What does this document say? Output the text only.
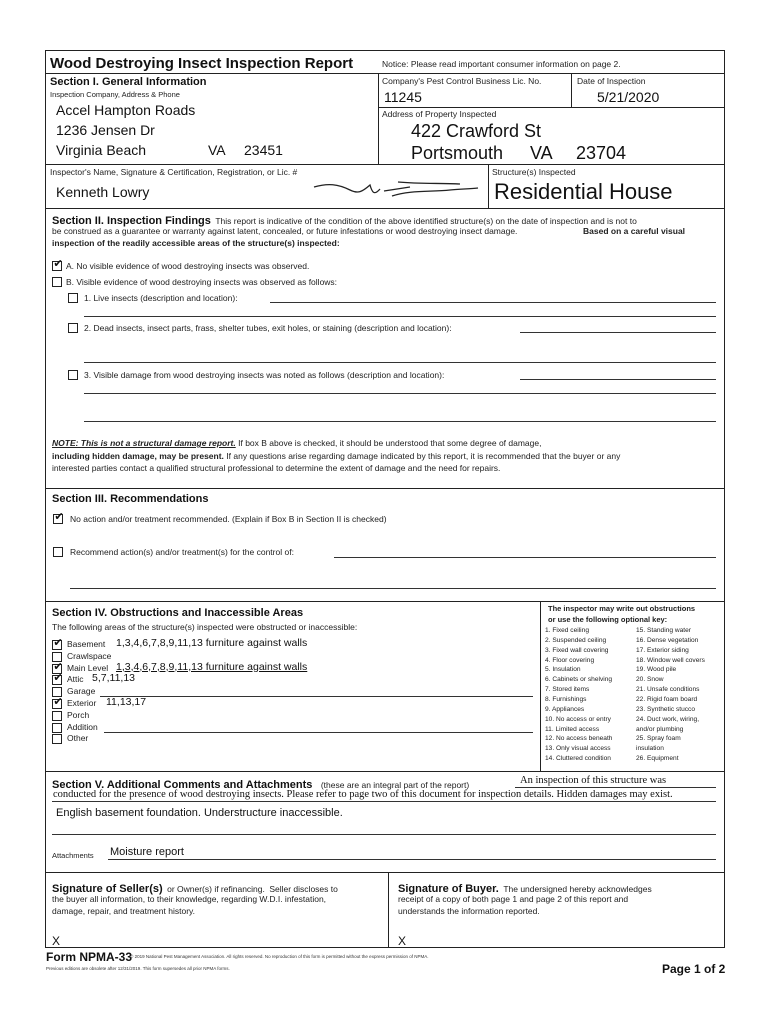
Wood Destroying Insect Inspection Report	Notice: Please read important consumer information on page 2.
Section I. General Information
Inspection Company, Address & Phone
Accel Hampton Roads
1236 Jensen Dr
Virginia Beach	VA 23451
Company's Pest Control Business Lic. No.
11245
Date of Inspection
5/21/2020
Address of Property Inspected
422 Crawford St
Portsmouth VA 23704
Inspector's Name, Signature & Certification, Registration, or Lic. #
Kenneth Lowry
Structure(s) Inspected
Residential House
Section II. Inspection Findings This report is indicative of the condition of the above identified structure(s) on the date of inspection and is not to
be construed as a guarantee or warranty against latent, concealed, or future infestations or wood destroying insect damage.	Based on a careful visual
inspection of the readily accessible areas of the structure(s) inspected:
✔ A. No visible evidence of wood destroying insects was observed.
B. Visible evidence of wood destroying insects was observed as follows:
1. Live insects (description and location):
2. Dead insects, insect parts, frass, shelter tubes, exit holes, or staining (description and location):
3. Visible damage from wood destroying insects was noted as follows (description and location):
NOTE: This is not a structural damage report. If box B above is checked, it should be understood that some degree of damage,
including hidden damage, may be present. If any questions arise regarding damage indicated by this report, it is recommended that the buyer or any
interested parties contact a qualified structural professional to determine the extent of damage and the need for repairs.
Section III. Recommendations
✔ No action and/or treatment recommended. (Explain if Box B in Section II is checked)
Recommend action(s) and/or treatment(s) for the control of:
Section IV. Obstructions and Inaccessible Areas
The following areas of the structure(s) inspected were obstructed or inaccessible:
✔ Basement 1,3,4,6,7,8,9,11,13 furniture against walls
Crawlspace
✔ Main Level 1,3,4,6,7,8,9,11,13 furniture against walls
✔ Attic 5,7,11,13
Garage
✔ Exterior 11,13,17
Porch
Addition
Other
The inspector may write out obstructions
or use the following optional key:
1. Fixed ceiling
2. Suspended ceiling
3. Fixed wall covering
4. Floor covering
5. Insulation
6. Cabinets or shelving
7. Stored items
8. Furnishings
9. Appliances
10. No access or entry
11. Limited access
12. No access beneath
13. Only visual access
14. Cluttered condition
15. Standing water
16. Dense vegetation
17. Exterior siding
18. Window well covers
19. Wood pile
20. Snow
21. Unsafe conditions
22. Rigid foam board
23. Synthetic stucco
24. Duct work, wiring,
and/or plumbing
25. Spray foam
insulation
26. Equipment
Section V. Additional Comments and Attachments (these are an integral part of the report)	An inspection of this structure was
conducted for the presence of wood destroying insects. Please refer to page two of this document for inspection details. Hidden damages may exist.
English basement foundation. Understructure inaccessible.
Attachments Moisture report
Signature of Seller(s) or Owner(s) if refinancing. Seller discloses to
the buyer all information, to their knowledge, regarding W.D.I. infestation,
damage, repair, and treatment history.
X
Signature of Buyer. The undersigned hereby acknowledges
receipt of a copy of both page 1 and page 2 of this report and
understands the information reported.
X
Form NPMA-33
© 2019 National Pest Management Association. All rights reserved. No reproduction of this form is permitted without the express permission of NPMA.
Previous editions are obsolete after 12/31/2019. This form supersedes all prior NPMA forms.	Page 1 of 2
